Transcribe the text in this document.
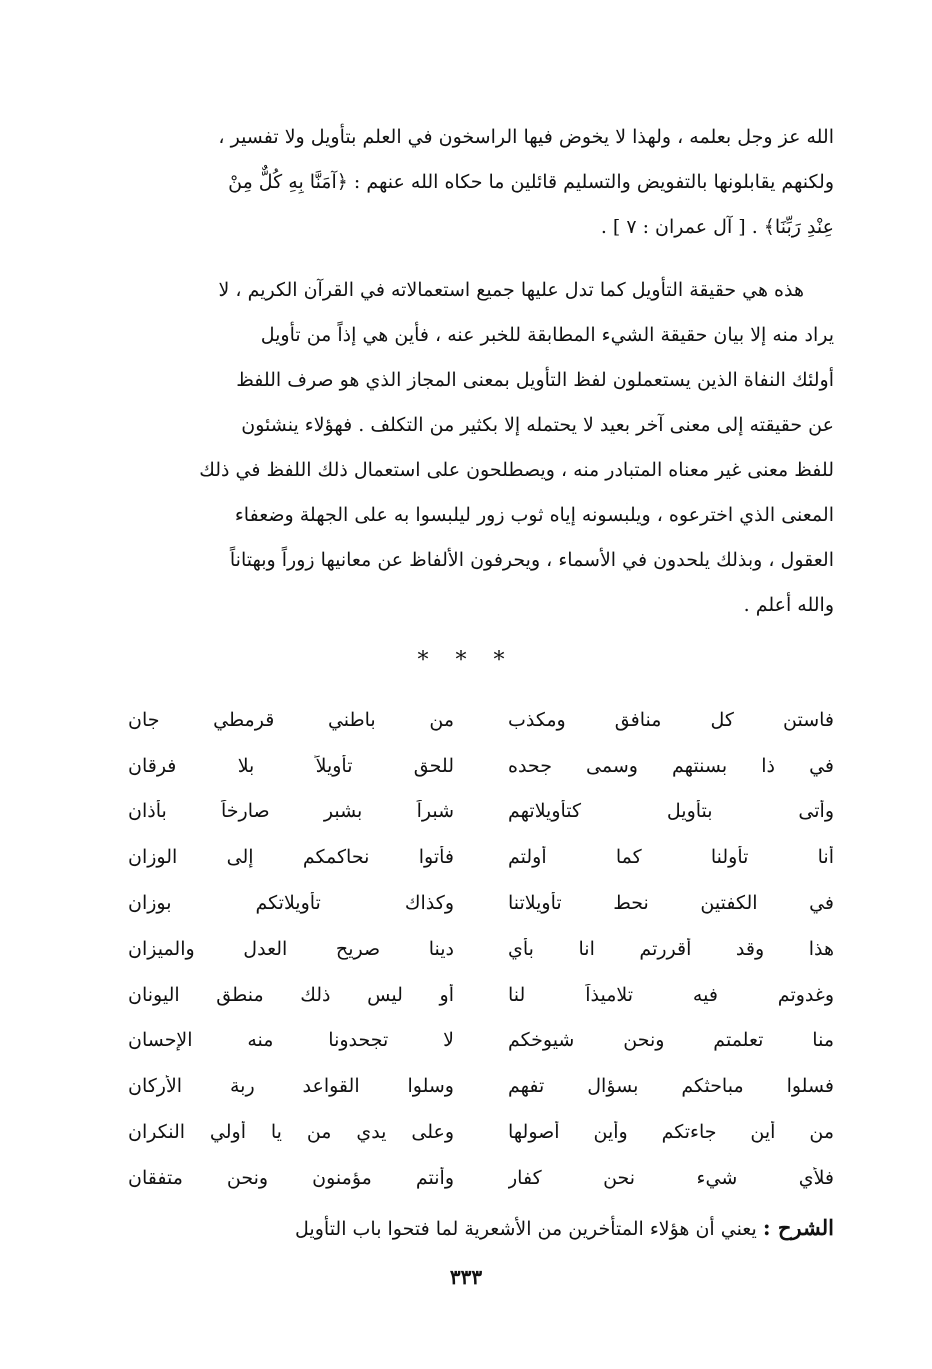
الله عز وجل بعلمه ، ولهذا لا يخوض فيها الراسخون في العلم بتأويل ولا تفسير ،

ولكنهم يقابلونها بالتفويض والتسليم قائلين ما حكاه الله عنهم : ﴿آمَنَّا بِهِ كُلٌّ مِنْ

عِنْدِ رَبِّنَا﴾ . [ آل عمران : ٧ ] .

هذه هي حقيقة التأويل كما تدل عليها جميع استعمالاته في القرآن الكريم ، لا

يراد منه إلا بيان حقيقة الشيء المطابقة للخبر عنه ، فأين هي إذاً من تأويل

أولئك النفاة الذين يستعملون لفظ التأويل بمعنى المجاز الذي هو صرف اللفظ

عن حقيقته إلى معنى آخر بعيد لا يحتمله إلا بكثير من التكلف . فهؤلاء ينشئون

للفظ معنى غير معناه المتبادر منه ، ويصطلحون على استعمال ذلك اللفظ في ذلك

المعنى الذي اخترعوه ، ويلبسونه إياه ثوب زور ليلبسوا به على الجهلة وضعفاء

العقول ، وبذلك يلحدون في الأسماء ، ويحرفون الألفاظ عن معانيها زوراً وبهتاناً

والله أعلم .

* * *
فاستن كل منافق ومكذب
من باطني قرمطي جان
في ذا بسنتهم وسمى جحده
للحق تأويلاً بلا فرقان
وأتى بتأويل كتأويلاتهم
شبراً بشبر صارخاً بأذان
أنا تأولنا كما أولتم
فأتوا نحاكمكم إلى الوزان
في الكفتين نحط تأويلاتنا
وكذاك تأويلاتكم بوزان
هذا وقد أقررتم انا بأي
دينا صريح العدل والميزان
وغدوتم فيه تلاميذاً لنا
أو ليس ذلك منطق اليونان
منا تعلمتم ونحن شيوخكم
لا تجحدونا منه الإحسان
فسلوا مباحثكم بسؤال تفهم
وسلوا القواعد ربة الأركان
من أين جاءتكم وأين أصولها
وعلى يدي من يا أولي النكران
فلأي شيء نحن كفار
وأنتم مؤمنون ونحن متفقان
الشرح : يعني أن هؤلاء المتأخرين من الأشعرية لما فتحوا باب التأويل
٣٣٣
